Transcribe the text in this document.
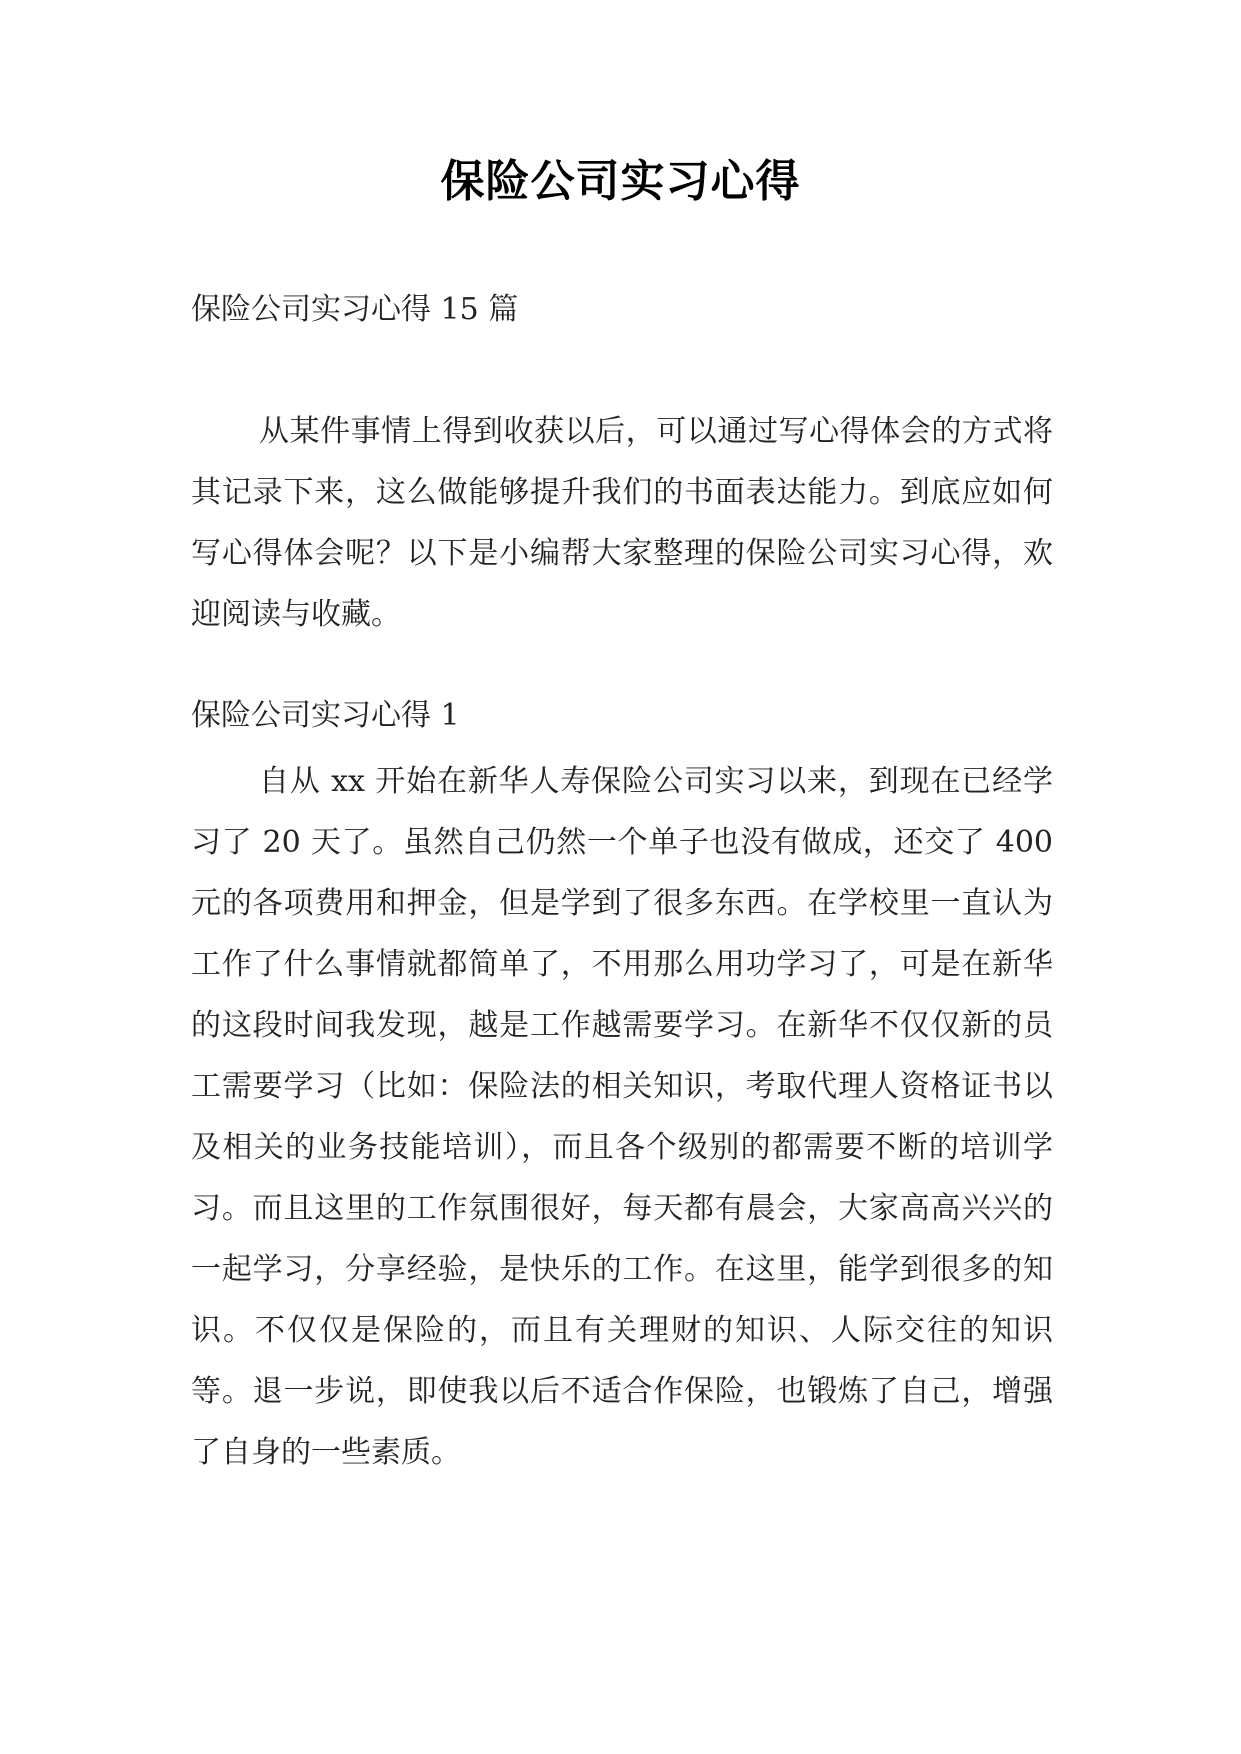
保险公司实习心得
保险公司实习心得 15 篇
从某件事情上得到收获以后，可以通过写心得体会的方式将其记录下来，这么做能够提升我们的书面表达能力。到底应如何写心得体会呢？以下是小编帮大家整理的保险公司实习心得，欢迎阅读与收藏。
保险公司实习心得 1
自从 xx 开始在新华人寿保险公司实习以来，到现在已经学习了 20 天了。虽然自己仍然一个单子也没有做成，还交了 400 元的各项费用和押金，但是学到了很多东西。在学校里一直认为工作了什么事情就都简单了，不用那么用功学习了，可是在新华的这段时间我发现，越是工作越需要学习。在新华不仅仅新的员工需要学习（比如：保险法的相关知识，考取代理人资格证书以及相关的业务技能培训），而且各个级别的都需要不断的培训学习。而且这里的工作氛围很好，每天都有晨会，大家高高兴兴的一起学习，分享经验，是快乐的工作。在这里，能学到很多的知识。不仅仅是保险的，而且有关理财的知识、人际交往的知识等。退一步说，即使我以后不适合作保险，也锻炼了自己，增强了自身的一些素质。
